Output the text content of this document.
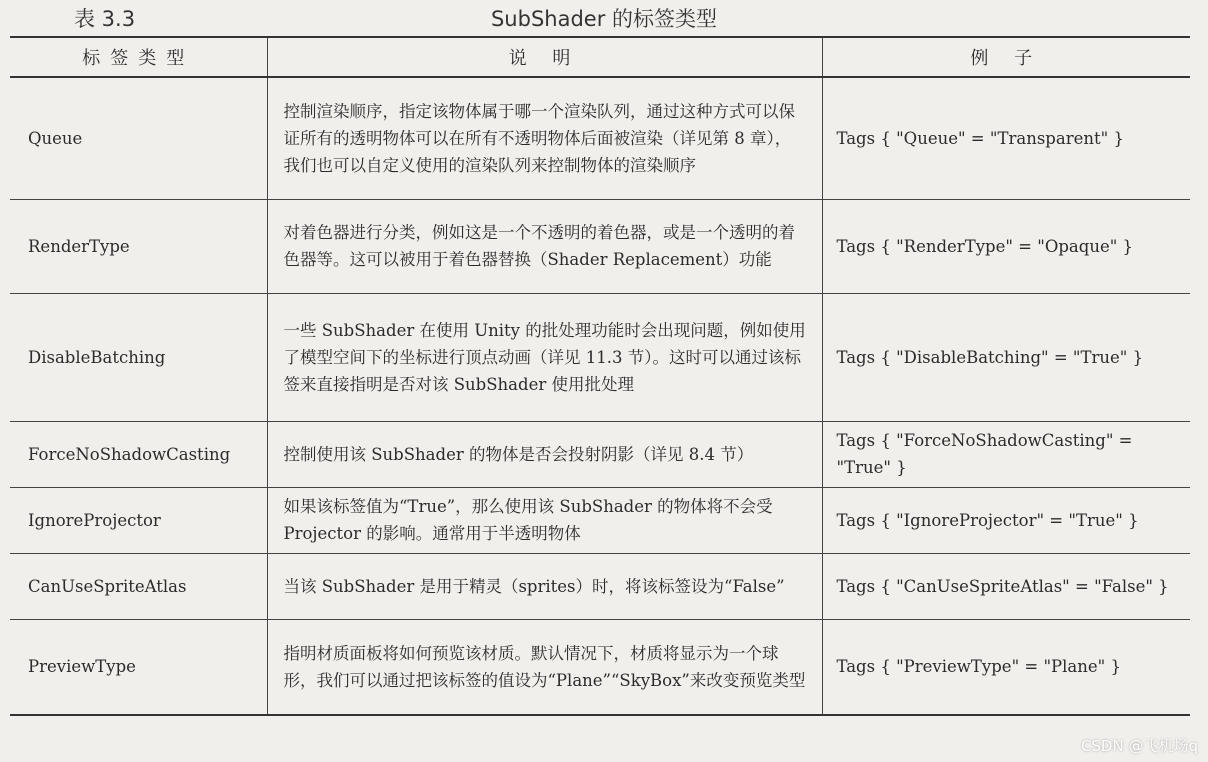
表 3.3	SubShader 的标签类型
标签类型	说 明	例 子
Queue	控制渲染顺序，指定该物体属于哪一个渲染队列，通过这种方式可以保证所有的透明物体可以在所有不透明物体后面被渲染（详见第 8 章），我们也可以自定义使用的渲染队列来控制物体的渲染顺序	Tags { "Queue" = "Transparent" }
RenderType	对着色器进行分类，例如这是一个不透明的着色器，或是一个透明的着色器等。这可以被用于着色器替换（Shader Replacement）功能	Tags { "RenderType" = "Opaque" }
DisableBatching	一些 SubShader 在使用 Unity 的批处理功能时会出现问题，例如使用了模型空间下的坐标进行顶点动画（详见 11.3 节）。这时可以通过该标签来直接指明是否对该 SubShader 使用批处理	Tags { "DisableBatching" = "True" }
ForceNoShadowCasting	控制使用该 SubShader 的物体是否会投射阴影（详见 8.4 节）	Tags { "ForceNoShadowCasting" = "True" }
IgnoreProjector	如果该标签值为“True”，那么使用该 SubShader 的物体将不会受 Projector 的影响。通常用于半透明物体	Tags { "IgnoreProjector" = "True" }
CanUseSpriteAtlas	当该 SubShader 是用于精灵（sprites）时，将该标签设为“False”	Tags { "CanUseSpriteAtlas" = "False" }
PreviewType	指明材质面板将如何预览该材质。默认情况下，材质将显示为一个球形，我们可以通过把该标签的值设为“Plane”“SkyBox”来改变预览类型	Tags { "PreviewType" = "Plane" }
CSDN @飞机场q
